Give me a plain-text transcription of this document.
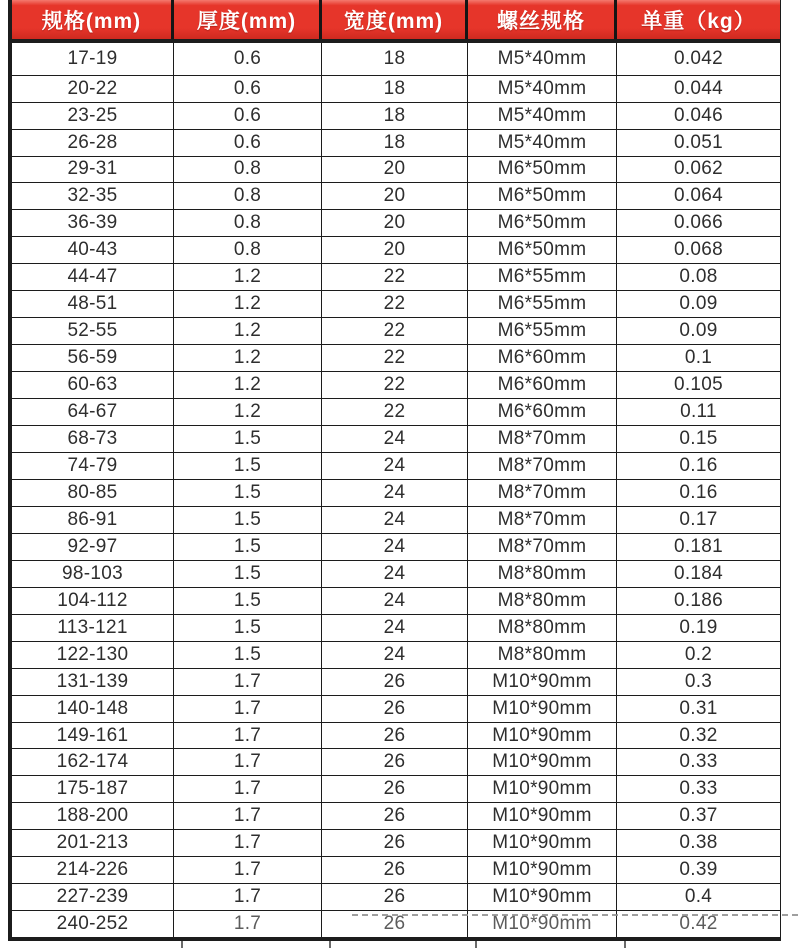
规格(mm)	厚度(mm)	宽度(mm)	螺丝规格	单重（kg）
17-19	0.6	18	M5*40mm	0.042
20-22	0.6	18	M5*40mm	0.044
23-25	0.6	18	M5*40mm	0.046
26-28	0.6	18	M5*40mm	0.051
29-31	0.8	20	M6*50mm	0.062
32-35	0.8	20	M6*50mm	0.064
36-39	0.8	20	M6*50mm	0.066
40-43	0.8	20	M6*50mm	0.068
44-47	1.2	22	M6*55mm	0.08
48-51	1.2	22	M6*55mm	0.09
52-55	1.2	22	M6*55mm	0.09
56-59	1.2	22	M6*60mm	0.1
60-63	1.2	22	M6*60mm	0.105
64-67	1.2	22	M6*60mm	0.11
68-73	1.5	24	M8*70mm	0.15
74-79	1.5	24	M8*70mm	0.16
80-85	1.5	24	M8*70mm	0.16
86-91	1.5	24	M8*70mm	0.17
92-97	1.5	24	M8*70mm	0.181
98-103	1.5	24	M8*80mm	0.184
104-112	1.5	24	M8*80mm	0.186
113-121	1.5	24	M8*80mm	0.19
122-130	1.5	24	M8*80mm	0.2
131-139	1.7	26	M10*90mm	0.3
140-148	1.7	26	M10*90mm	0.31
149-161	1.7	26	M10*90mm	0.32
162-174	1.7	26	M10*90mm	0.33
175-187	1.7	26	M10*90mm	0.33
188-200	1.7	26	M10*90mm	0.37
201-213	1.7	26	M10*90mm	0.38
214-226	1.7	26	M10*90mm	0.39
227-239	1.7	26	M10*90mm	0.4
240-252	1.7	26	M10*90mm	0.42
